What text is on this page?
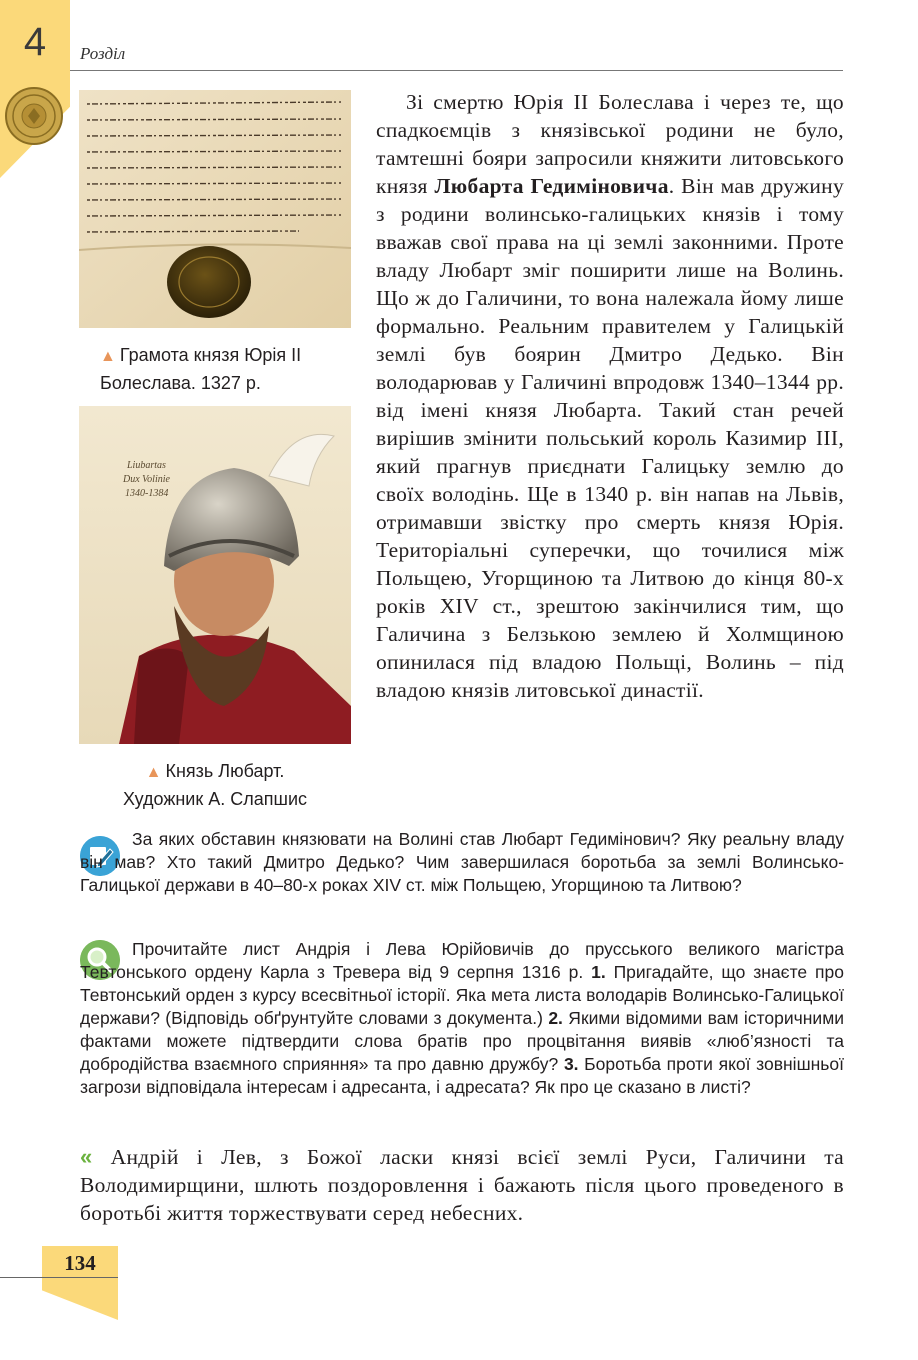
4	Розділ
▲ Грамота князя Юрія ІІ Болеслава. 1327 р.
Liubartas
Dux Volinie
1340-1384
▲ Князь Любарт.
Художник А. Слапшис

Зі смертю Юрія ІІ Болеслава і через те, що спадкоємців з князівської родини не було, тамтешні бояри запросили княжити литовського князя Любарта Гедиміновича. Він мав дружину з родини волинсько-галицьких князів і тому вважав свої права на ці землі законними. Проте владу Любарт зміг поширити лише на Волинь. Що ж до Галичини, то вона належала йому лише формально. Реальним правителем у Галицькій землі був боярин Дмитро Дедько. Він володарював у Галичині впродовж 1340–1344 рр. від імені князя Любарта. Такий стан речей вирішив змінити польський король Казимир ІІІ, який прагнув приєднати Галицьку землю до своїх володінь. Ще в 1340 р. він напав на Львів, отримавши звістку про смерть князя Юрія. Територіальні суперечки, що точилися між Польщею, Угорщиною та Литвою до кінця 80-х років XIV ст., зрештою закінчилися тим, що Галичина з Белзькою землею й Холмщиною опинилася під владою Польщі, Волинь – під владою князів литовської династії.

За яких обставин князювати на Волині став Любарт Гедимінович? Яку реальну владу він мав? Хто такий Дмитро Дедько? Чим завершилася боротьба за землі Волинсько-Галицької держави в 40–80-х роках XIV ст. між Польщею, Угорщиною та Литвою?
Прочитайте лист Андрія і Лева Юрійовичів до прусського великого магістра Тевтонського ордену Карла з Тревера від 9 серпня 1316 р. 1. Пригадайте, що знаєте про Тевтонський орден з курсу всесвітньої історії. Яка мета листа володарів Волинсько-Галицької держави? (Відповідь обґрунтуйте словами з документа.) 2. Якими відомими вам історичними фактами можете підтвердити слова братів про процвітання виявів «люб’язності та добродійства взаємного сприяння» та про давню дружбу? 3. Боротьба проти якої зовнішньої загрози відповідала інтересам і адресанта, і адресата? Як про це сказано в листі?
« Андрій і Лев, з Божої ласки князі всієї землі Руси, Галичини та Володимирщини, шлють поздоровлення і бажають після цього проведеного в боротьбі життя торжествувати серед небесних.
134
